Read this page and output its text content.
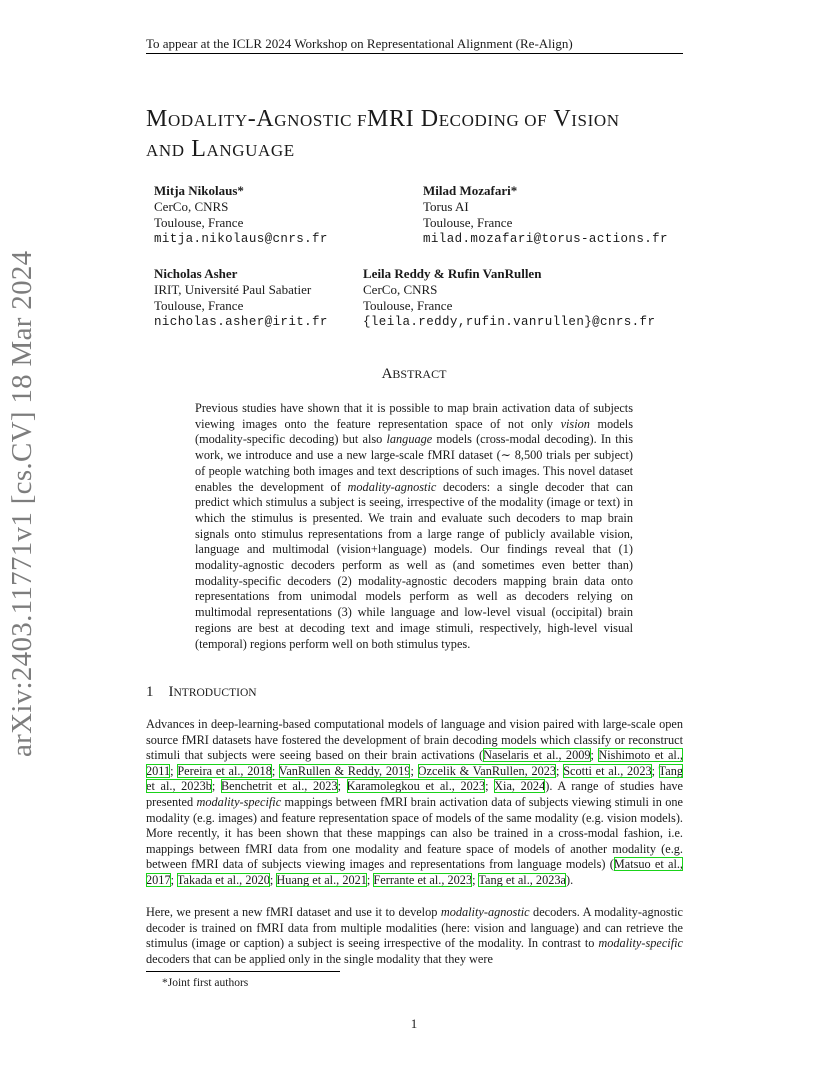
To appear at the ICLR 2024 Workshop on Representational Alignment (Re-Align)
arXiv:2403.11771v1 [cs.CV] 18 Mar 2024
MODALITY-AGNOSTIC FMRI DECODING OF VISION
AND LANGUAGE
Mitja Nikolaus*
CerCo, CNRS
Toulouse, France
mitja.nikolaus@cnrs.fr
Milad Mozafari*
Torus AI
Toulouse, France
milad.mozafari@torus-actions.fr
Nicholas Asher
IRIT, Université Paul Sabatier
Toulouse, France
nicholas.asher@irit.fr
Leila Reddy & Rufin VanRullen
CerCo, CNRS
Toulouse, France
{leila.reddy,rufin.vanrullen}@cnrs.fr
ABSTRACT
Previous studies have shown that it is possible to map brain activation data of subjects viewing images onto the feature representation space of not only vision models (modality-specific decoding) but also language models (cross-modal decoding). In this work, we introduce and use a new large-scale fMRI dataset (∼ 8,500 trials per subject) of people watching both images and text descriptions of such images. This novel dataset enables the development of modality-agnostic decoders: a single decoder that can predict which stimulus a subject is seeing, irrespective of the modality (image or text) in which the stimulus is presented. We train and evaluate such decoders to map brain signals onto stimulus representations from a large range of publicly available vision, language and multimodal (vision+language) models. Our findings reveal that (1) modality-agnostic decoders perform as well as (and sometimes even better than) modality-specific decoders (2) modality-agnostic decoders mapping brain data onto representations from unimodal models perform as well as decoders relying on multimodal representations (3) while language and low-level visual (occipital) brain regions are best at decoding text and image stimuli, respectively, high-level visual (temporal) regions perform well on both stimulus types.
1    INTRODUCTION
Advances in deep-learning-based computational models of language and vision paired with large-scale open source fMRI datasets have fostered the development of brain decoding models which classify or reconstruct stimuli that subjects were seeing based on their brain activations (Naselaris et al., 2009; Nishimoto et al., 2011; Pereira et al., 2018; VanRullen & Reddy, 2019; Ozcelik & VanRullen, 2023; Scotti et al., 2023; Tang et al., 2023b; Benchetrit et al., 2023; Karamolegkou et al., 2023; Xia, 2024). A range of studies have presented modality-specific mappings between fMRI brain activation data of subjects viewing stimuli in one modality (e.g. images) and feature representation space of models of the same modality (e.g. vision models). More recently, it has been shown that these mappings can also be trained in a cross-modal fashion, i.e. mappings between fMRI data from one modality and feature space of models of another modality (e.g. between fMRI data of subjects viewing images and representations from language models) (Matsuo et al., 2017; Takada et al., 2020; Huang et al., 2021; Ferrante et al., 2023; Tang et al., 2023a).
Here, we present a new fMRI dataset and use it to develop modality-agnostic decoders. A modality-agnostic decoder is trained on fMRI data from multiple modalities (here: vision and language) and can retrieve the stimulus (image or caption) a subject is seeing irrespective of the modality. In contrast to modality-specific decoders that can be applied only in the single modality that they were
*Joint first authors
1
